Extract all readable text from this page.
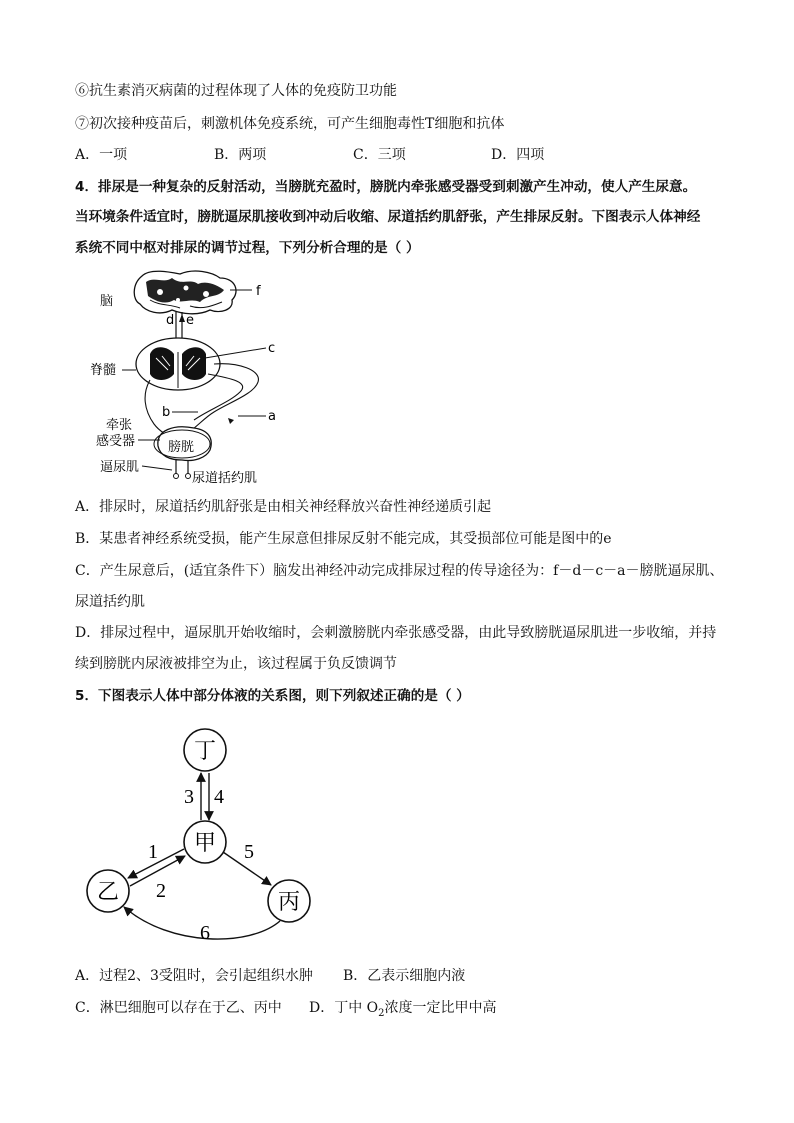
⑥抗生素消灭病菌的过程体现了人体的免疫防卫功能
⑦初次接种疫苗后，刺激机体免疫系统，可产生细胞毒性T细胞和抗体
A．一项	B．两项	C．三项	D．四项
4．排尿是一种复杂的反射活动，当膀胱充盈时，膀胱内牵张感受器受到刺激产生冲动，使人产生尿意。
当环境条件适宜时，膀胱逼尿肌接收到冲动后收缩、尿道括约肌舒张，产生排尿反射。下图表示人体神经
系统不同中枢对排尿的调节过程，下列分析合理的是（ ）
f
脑
d e
c
脊髓
a
b
膀胱
牵张
感受器
逼尿肌
尿道括约肌
A．排尿时，尿道括约肌舒张是由相关神经释放兴奋性神经递质引起
B．某患者神经系统受损，能产生尿意但排尿反射不能完成，其受损部位可能是图中的e
C．产生尿意后，(适宜条件下）脑发出神经冲动完成排尿过程的传导途径为：f－d－c－a－膀胱逼尿肌、
尿道括约肌
D．排尿过程中，逼尿肌开始收缩时，会刺激膀胱内牵张感受器，由此导致膀胱逼尿肌进一步收缩，并持
续到膀胱内尿液被排空为止，该过程属于负反馈调节
5．下图表示人体中部分体液的关系图，则下列叙述正确的是（ ）
丁
甲
乙	丙
3 4
1
2
5
6
A．过程2、3受阻时，会引起组织水肿 B．乙表示细胞内液
C．淋巴细胞可以存在于乙、丙中 D．丁中 $O_2$浓度一定比甲中高
